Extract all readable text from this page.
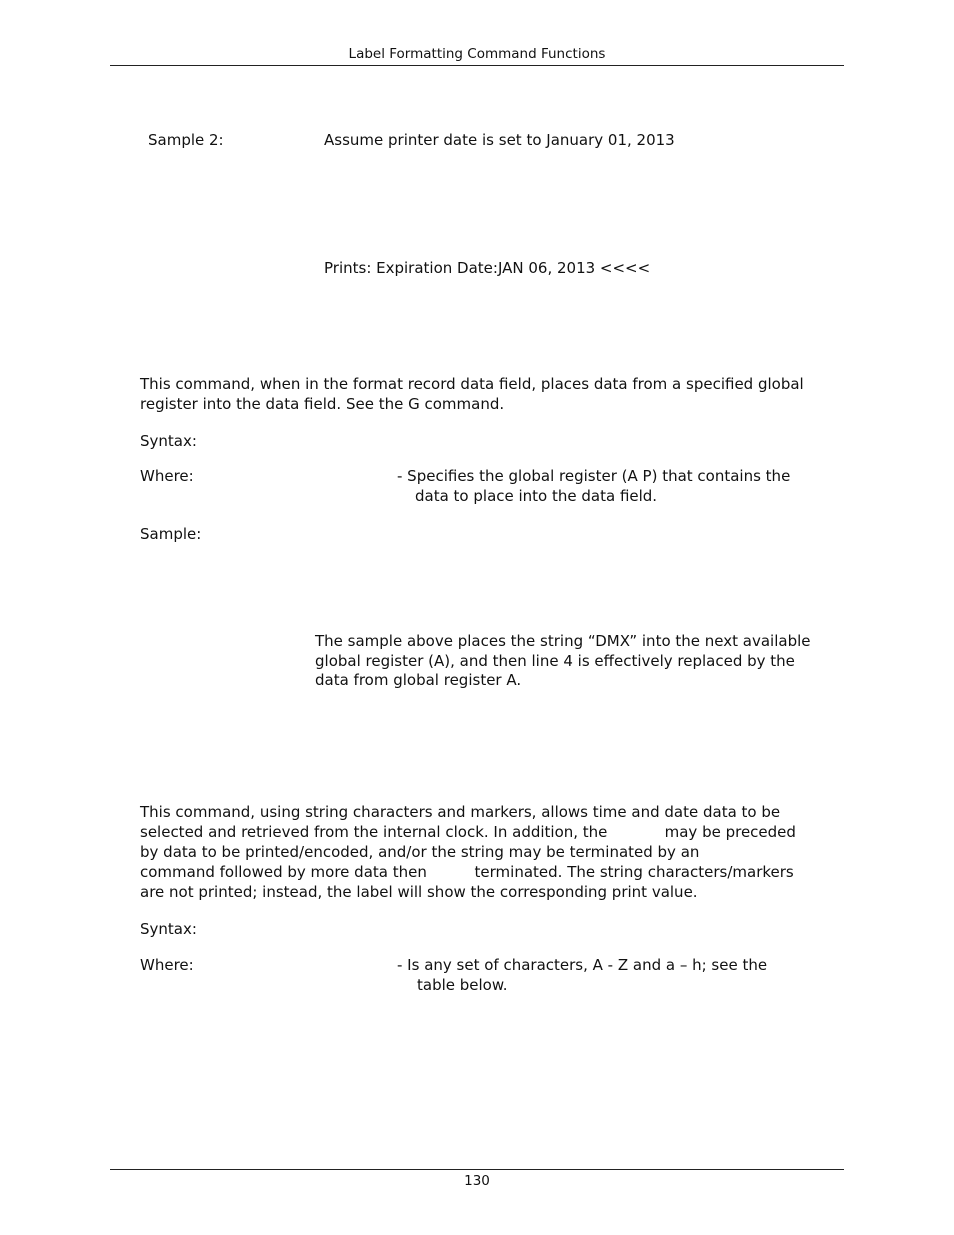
Label Formatting Command Functions
Sample 2:	Assume printer date is set to January 01, 2013
Prints: Expiration Date:JAN 06, 2013 <<<<
This command, when in the format record data field, places data from a specified global
register into the data field. See the G command.
Syntax:
Where:	- Specifies the global register (A P) that contains the
data to place into the data field.
Sample:
The sample above places the string “DMX” into the next available
global register (A), and then line 4 is effectively replaced by the
data from global register A.
This command, using string characters and markers, allows time and date data to be
selected and retrieved from the internal clock. In addition, the            may be preceded
by data to be printed/encoded, and/or the string may be terminated by an
command followed by more data then          terminated. The string characters/markers
are not printed; instead, the label will show the corresponding print value.
Syntax:
Where:	- Is any set of characters, A - Z and a – h; see the
table below.
130
